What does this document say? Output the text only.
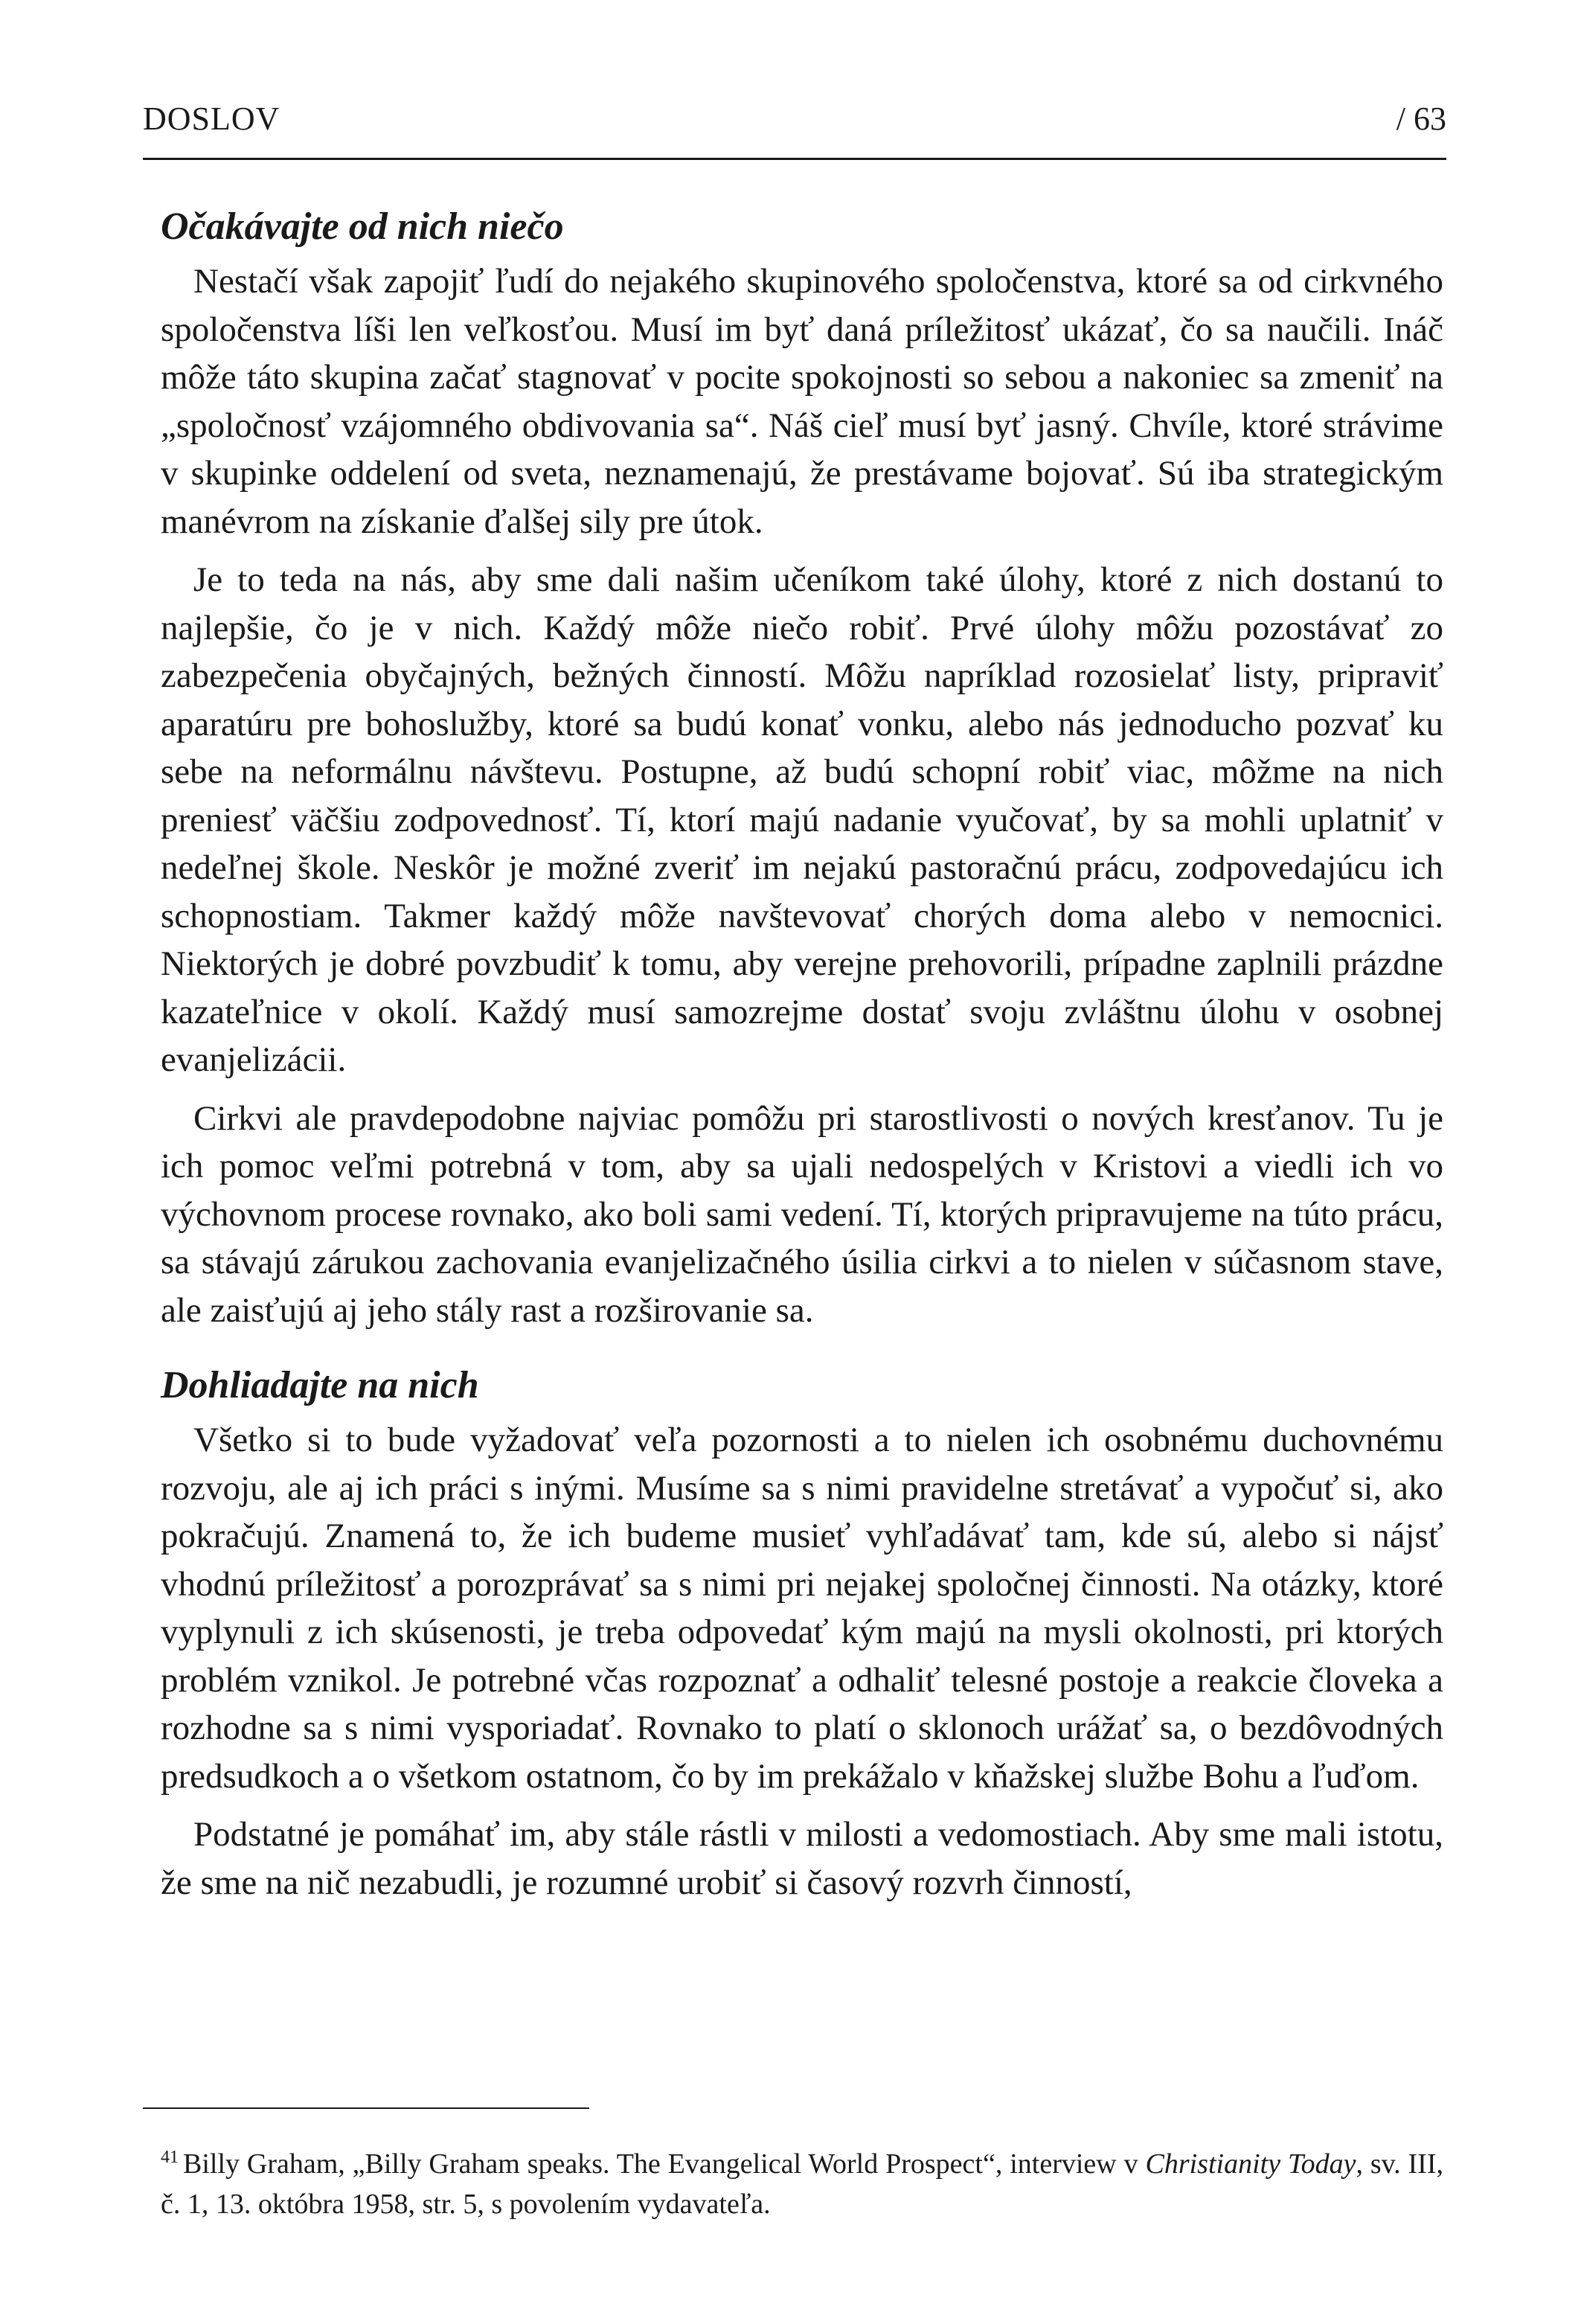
DOSLOV	/ 63
Očakávajte od nich niečo

Nestačí však zapojiť ľudí do nejakého skupinového spoločenstva, ktoré sa od cirkvného spoločenstva líši len veľkosťou. Musí im byť daná príležitosť ukázať, čo sa naučili. Ináč môže táto skupina začať stagnovať v pocite spokojnosti so sebou a nakoniec sa zmeniť na „spoločnosť vzájomného obdivovania sa“. Náš cieľ musí byť jasný. Chvíle, ktoré strávime v skupinke oddelení od sveta, neznamenajú, že prestávame bojovať. Sú iba strategickým manévrom na získanie ďalšej sily pre útok.

Je to teda na nás, aby sme dali našim učeníkom také úlohy, ktoré z nich dostanú to najlepšie, čo je v nich. Každý môže niečo robiť. Prvé úlohy môžu pozostávať zo zabezpečenia obyčajných, bežných činností. Môžu napríklad rozosielať listy, pripraviť aparatúru pre bohoslužby, ktoré sa budú konať vonku, alebo nás jednoducho pozvať ku sebe na neformálnu návštevu. Postupne, až budú schopní robiť viac, môžme na nich preniesť väčšiu zodpovednosť. Tí, ktorí majú nadanie vyučovať, by sa mohli uplatniť v nedeľnej škole. Neskôr je možné zveriť im nejakú pastoračnú prácu, zodpovedajúcu ich schopnostiam. Takmer každý môže navštevovať chorých doma alebo v nemocnici. Niektorých je dobré povzbudiť k tomu, aby verejne prehovorili, prípadne zaplnili prázdne kazateľnice v okolí. Každý musí samozrejme dostať svoju zvláštnu úlohu v osobnej evanjelizácii.

Cirkvi ale pravdepodobne najviac pomôžu pri starostlivosti o nových kresťanov. Tu je ich pomoc veľmi potrebná v tom, aby sa ujali nedospelých v Kristovi a viedli ich vo výchovnom procese rovnako, ako boli sami vedení. Tí, ktorých pripravujeme na túto prácu, sa stávajú zárukou zachovania evanjelizačného úsilia cirkvi a to nielen v súčasnom stave, ale zaisťujú aj jeho stály rast a rozširovanie sa.

Dohliadajte na nich

Všetko si to bude vyžadovať veľa pozornosti a to nielen ich osobnému duchovnému rozvoju, ale aj ich práci s inými. Musíme sa s nimi pravidelne stretávať a vypočuť si, ako pokračujú. Znamená to, že ich budeme musieť vyhľadávať tam, kde sú, alebo si nájsť vhodnú príležitosť a porozprávať sa s nimi pri nejakej spoločnej činnosti. Na otázky, ktoré vyplynuli z ich skúsenosti, je treba odpovedať kým majú na mysli okolnosti, pri ktorých problém vznikol. Je potrebné včas rozpoznať a odhaliť telesné postoje a reakcie človeka a rozhodne sa s nimi vysporiadať. Rovnako to platí o sklonoch urážať sa, o bezdôvodných predsudkoch a o všetkom ostatnom, čo by im prekážalo v kňažskej službe Bohu a ľuďom.

Podstatné je pomáhať im, aby stále rástli v milosti a vedomostiach. Aby sme mali istotu, že sme na nič nezabudli, je rozumné urobiť si časový rozvrh činností,

$^{41}$ Billy Graham, „Billy Graham speaks. The Evangelical World Prospect“, interview v Christianity Today, sv. III, č. 1, 13. októbra 1958, str. 5, s povolením vydavateľa.
